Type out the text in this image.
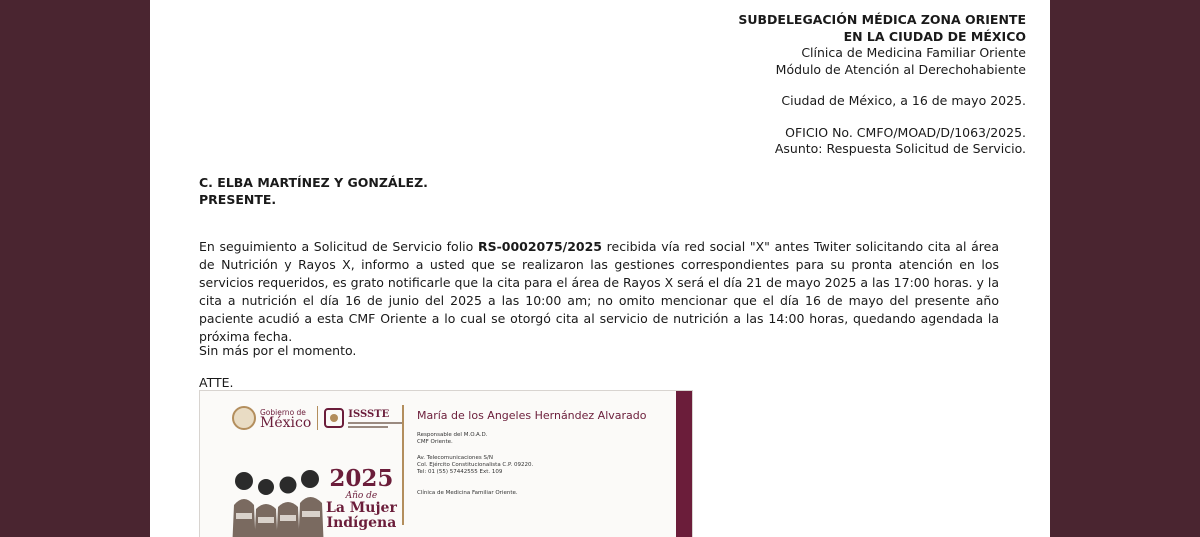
SUBDELEGACIÓN MÉDICA ZONA ORIENTE
EN LA CIUDAD DE MÉXICO
Clínica de Medicina Familiar Oriente
Módulo de Atención al Derechohabiente
Ciudad de México, a 16 de mayo 2025.
OFICIO No. CMFO/MOAD/D/1063/2025.
Asunto: Respuesta Solicitud de Servicio.
C. ELBA MARTÍNEZ Y GONZÁLEZ.
PRESENTE.
En seguimiento a Solicitud de Servicio folio RS-0002075/2025 recibida vía red social "X" antes Twiter solicitando cita al área de Nutrición y Rayos X, informo a usted que se realizaron las gestiones correspondientes para su pronta atención en los servicios requeridos, es grato notificarle que la cita para el área de Rayos X será el día 21 de mayo 2025 a las 17:00 horas. y la cita a nutrición el día 16 de junio del 2025 a las 10:00 am; no omito mencionar que el día 16 de mayo del presente año paciente acudió a esta CMF Oriente a lo cual se otorgó cita al servicio de nutrición a las 14:00 horas, quedando agendada la próxima fecha.
Sin más por el momento.
ATTE.
Gobierno de
México
ISSSTE
2025
Año de
La Mujer
Indígena
María de los Angeles Hernández Alvarado
Responsable del M.O.A.D.
CMF Oriente.
Av. Telecomunicaciones S/N
Col. Ejército Constitucionalista C.P. 09220.
Tel: 01 (55) 57442555 Ext. 109
Clínica de Medicina Familiar Oriente.
